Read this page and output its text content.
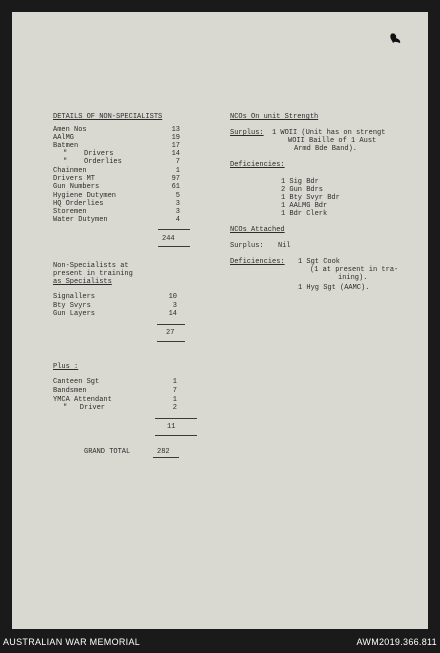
DETAILS OF NON-SPECIALISTS
Amen Nos	13
AAlMG	19
Batmen	17
"    Drivers	14
"    Orderlies	7
Chainmen	1
Drivers MT	97
Gun Numbers	61
Hygiene Dutymen	5
HQ Orderlies	3
Storemen	3
Water Dutymen	4
244
Non-Specialists at
present in training
as Specialists
Signallers	10
Bty Svyrs	3
Gun Layers	14
27
Plus :
Canteen Sgt	1
Bandsmen	7
YMCA Attendant	1
"   Driver	2
11
GRAND TOTAL	282
NCOs On unit Strength
Surplus: 1 WOII (Unit has on strengt
WOII Baille of 1 Aust
Armd Bde Band).
Deficiencies:
1 Sig Bdr
2 Gun Bdrs
1 Bty Svyr Bdr
1 AALMG Bdr
1 Bdr Clerk
NCOs Attached
Surplus: Nil
Deficiencies: 1 Sgt Cook
(1 at present in tra-
ining).
1 Hyg Sgt (AAMC).
AUSTRALIAN WAR MEMORIAL	AWM2019.366.811
